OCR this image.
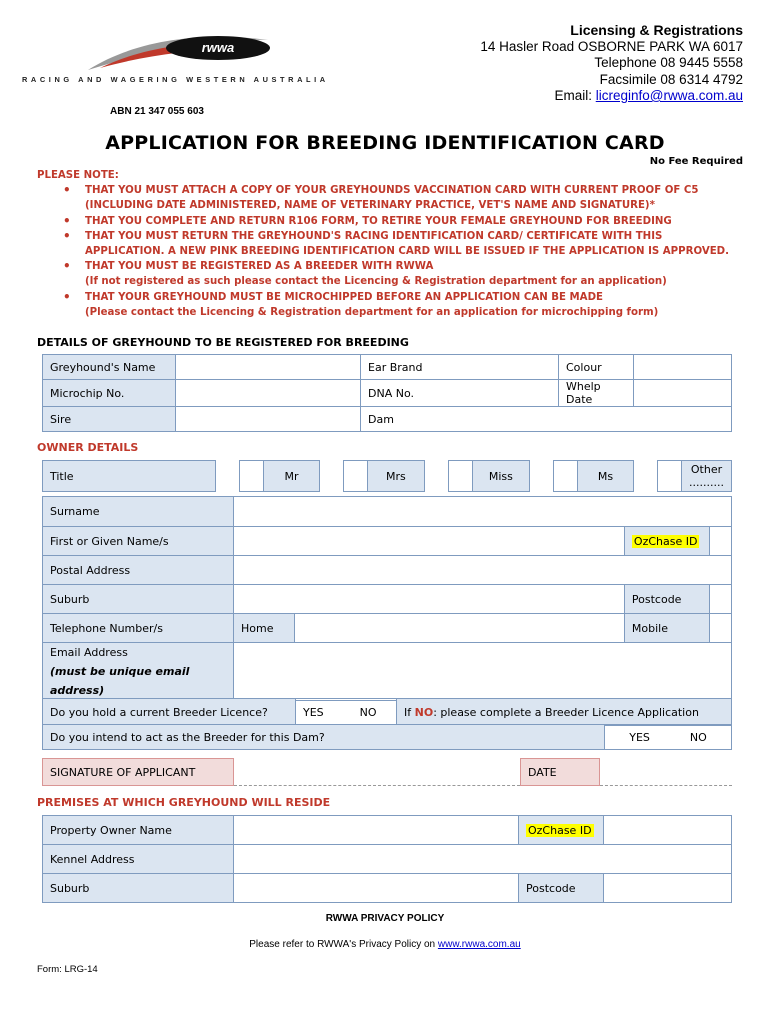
rwwa
RACING AND WAGERING WESTERN AUSTRALIA
ABN 21 347 055 603
Licensing & Registrations
14 Hasler Road OSBORNE PARK WA 6017
Telephone 08 9445 5558
Facsimile 08 6314 4792
Email: licreginfo@rwwa.com.au
APPLICATION FOR BREEDING IDENTIFICATION CARD
No Fee Required
PLEASE NOTE:
• THAT YOU MUST ATTACH A COPY OF YOUR GREYHOUNDS VACCINATION CARD WITH CURRENT PROOF OF C5 (INCLUDING DATE ADMINISTERED, NAME OF VETERINARY PRACTICE, VET'S NAME AND SIGNATURE)*
• THAT YOU COMPLETE AND RETURN R106 FORM, TO RETIRE YOUR FEMALE GREYHOUND FOR BREEDING
• THAT YOU MUST RETURN THE GREYHOUND'S RACING IDENTIFICATION CARD/ CERTIFICATE WITH THIS APPLICATION. A NEW PINK BREEDING IDENTIFICATION CARD WILL BE ISSUED IF THE APPLICATION IS APPROVED.
• THAT YOU MUST BE REGISTERED AS A BREEDER WITH RWWA
(If not registered as such please contact the Licencing & Registration department for an application)
• THAT YOUR GREYHOUND MUST BE MICROCHIPPED BEFORE AN APPLICATION CAN BE MADE
(Please contact the Licencing & Registration department for an application for microchipping form)
DETAILS OF GREYHOUND TO BE REGISTERED FOR BREEDING
Greyhound's Name		Ear Brand	Colour	
Microchip No.		DNA No.	Whelp Date	
Sire		Dam		
OWNER DETAILS
Title			Mr			Mrs			Miss			Ms			Other ..........
Surname				
First or Given Name/s			OzChase ID	
Postal Address				
Suburb			Postcode	
Telephone Number/s	Home		Mobile	

Email Address
(must be unique email address)				

Do you hold a current Breeder Licence?	YES	NO	If NO: please complete a Breeder Licence Application
Do you intend to act as the Breeder for this Dam?	YES	NO
SIGNATURE OF APPLICANT		DATE	
PREMISES AT WHICH GREYHOUND WILL RESIDE
Property Owner Name		OzChase ID	
Kennel Address			
Suburb		Postcode	
RWWA PRIVACY POLICY
Please refer to RWWA's Privacy Policy on www.rwwa.com.au
Form: LRG-14
